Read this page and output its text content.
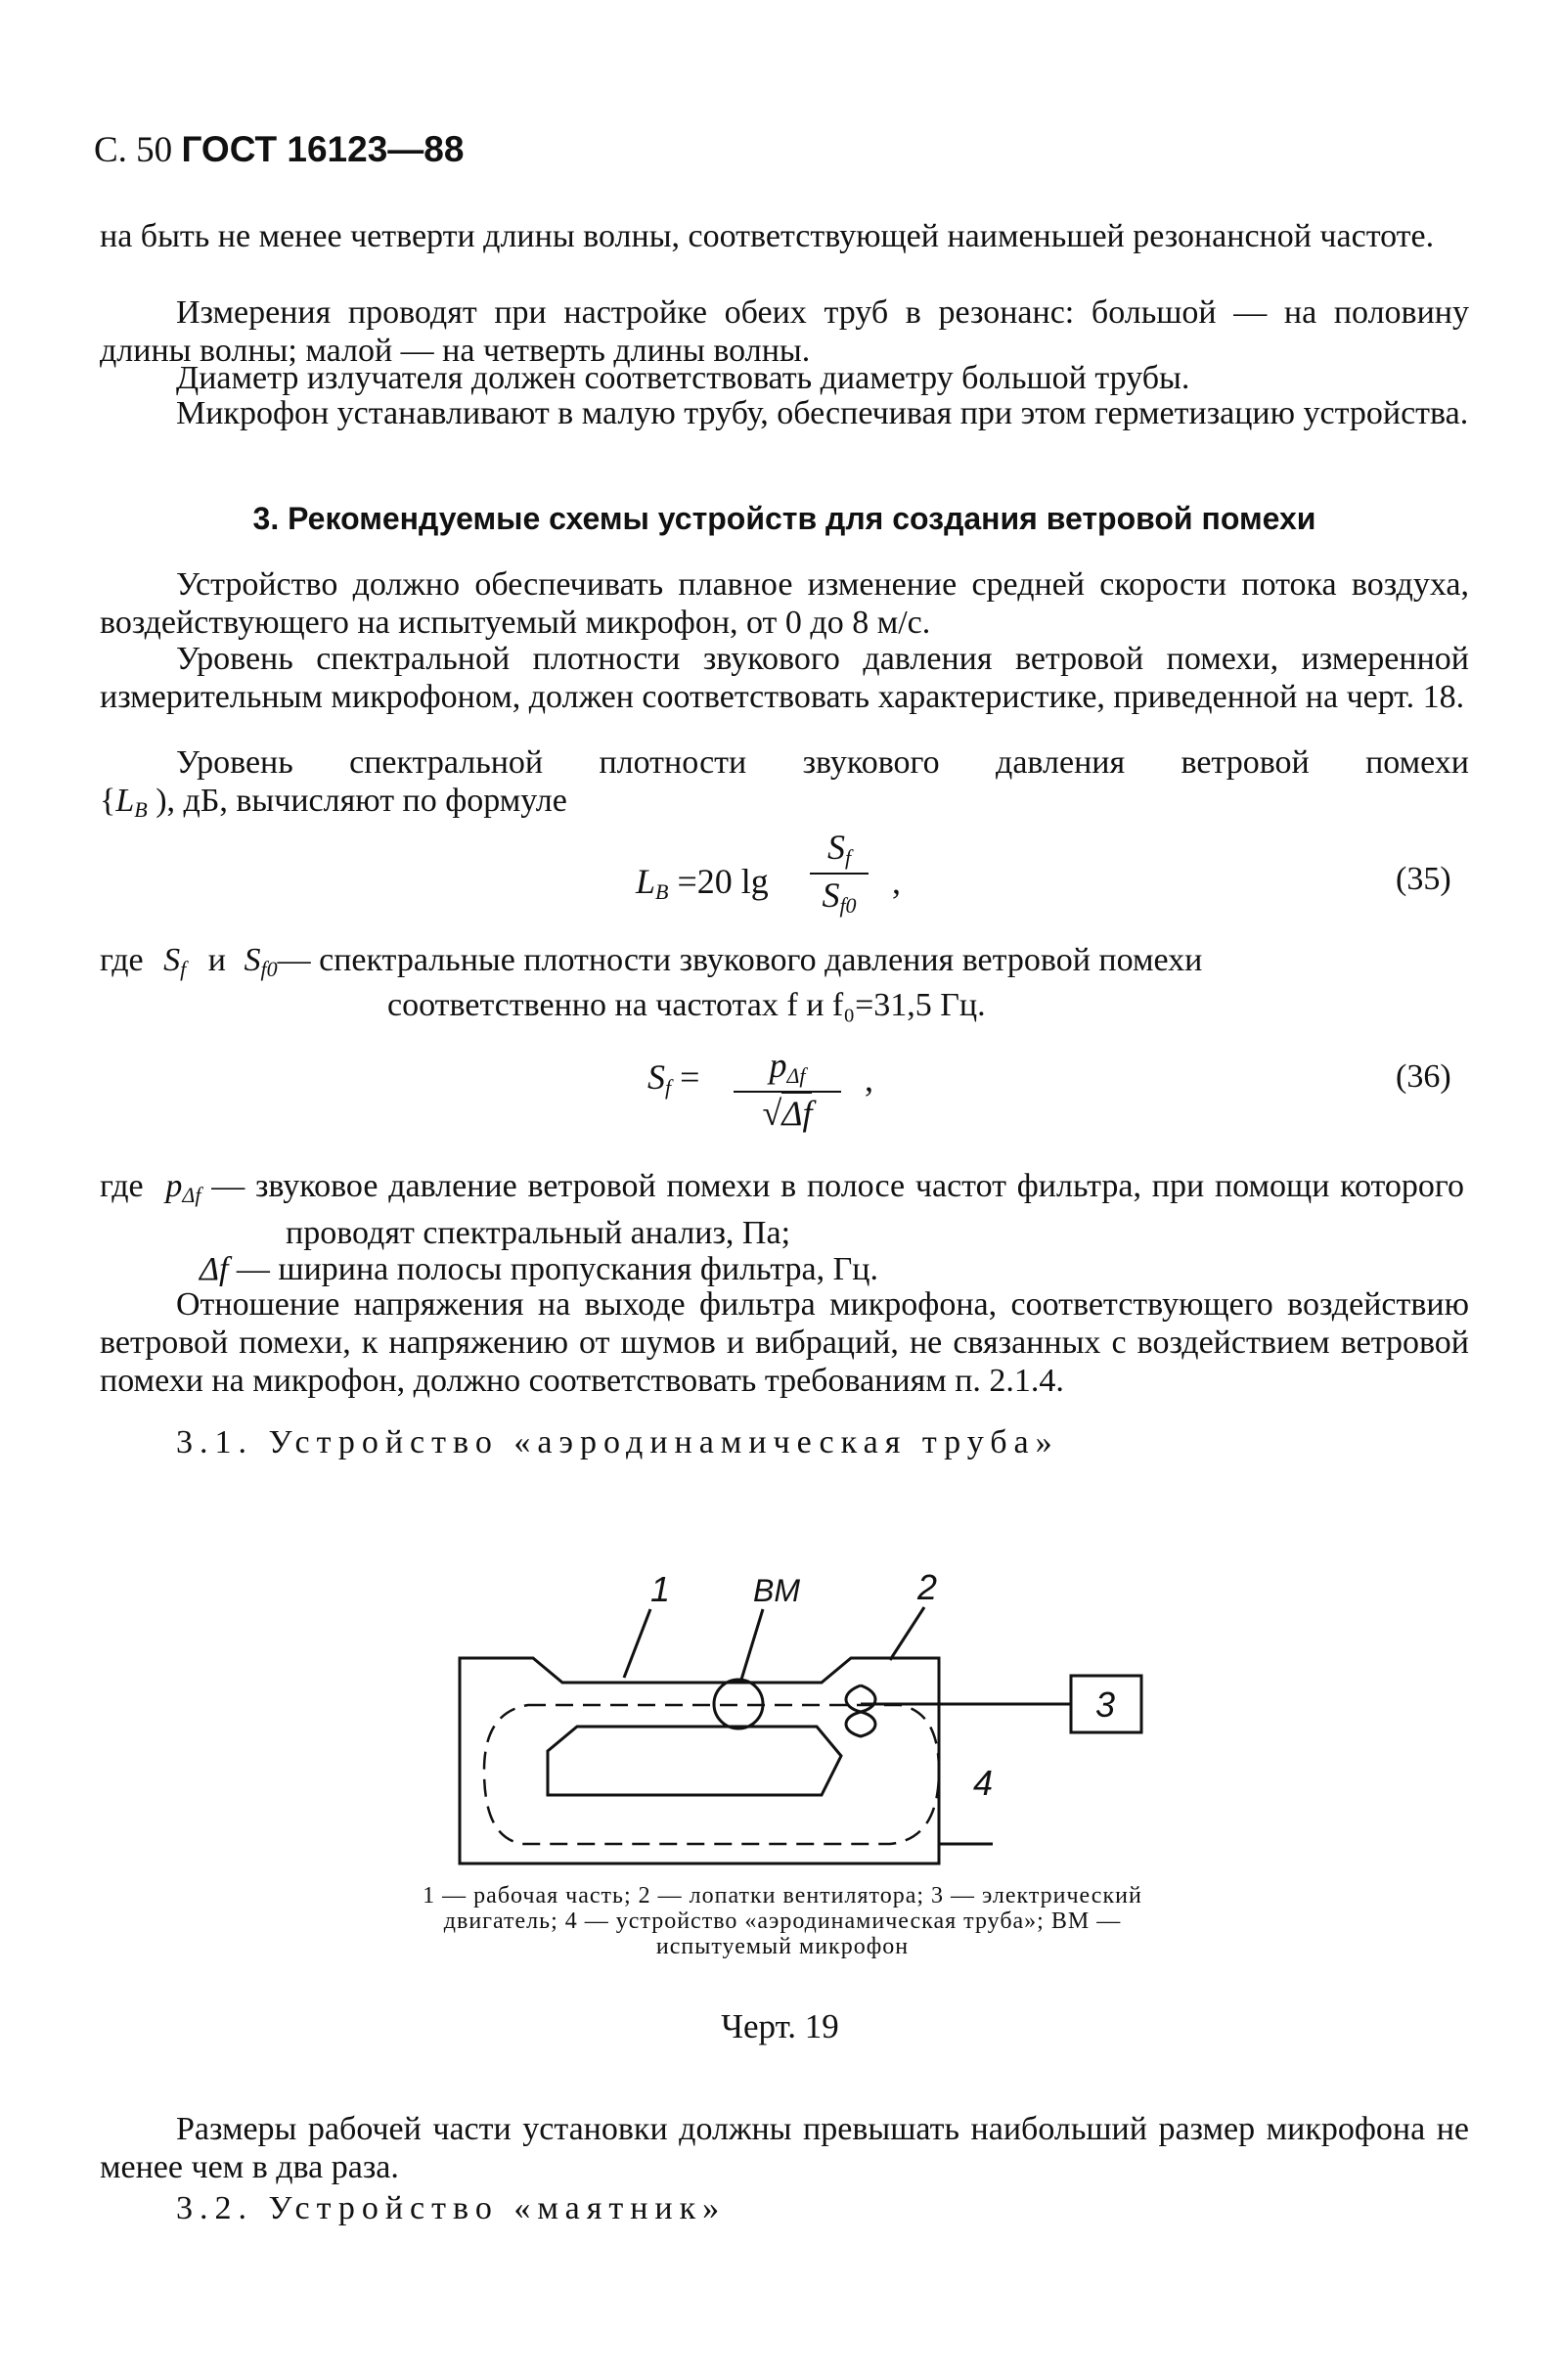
С. 50 ГОСТ 16123—88
на быть не менее четверти длины волны, соответствующей наименьшей резонансной частоте.
Измерения проводят при настройке обеих труб в резонанс: большой — на половину длины волны; малой — на четверть длины волны.
Диаметр излучателя должен соответствовать диаметру большой трубы.
Микрофон устанавливают в малую трубу, обеспечивая при этом герметизацию устройства.
3. Рекомендуемые схемы устройств для создания ветровой помехи
Устройство должно обеспечивать плавное изменение средней скорости потока воздуха, воздействующего на испытуемый микрофон, от 0 до 8 м/с.
Уровень спектральной плотности звукового давления ветровой помехи, измеренной измерительным микрофоном, должен соответствовать характеристике, приведенной на черт. 18.
Уровень спектральной плотности звукового давления ветровой помехи
{$L_B$ ), дБ, вычисляют по формуле
$L_B =20$ $\lg \frac{S_f}{S_{f0}}$ ,	(35)
где $S_f$ и $S_{f0}—$ спектральные плотности звукового давления ветровой помехи
соответственно на частотах f и f₀=31,5 Гц.
$S_f$ =	$p_{\Delta f}$
√Δf
,	(36)
где $p_{\Delta f}$ — звуковое давление ветровой помехи в полосе частот фильтра, при помощи которого проводят спектральный анализ, Па;
Δf — ширина полосы пропускания фильтра, Гц.
Отношение напряжения на выходе фильтра микрофона, соответствующего воздействию ветровой помехи, к напряжению от шумов и вибраций, не связанных с воздействием ветровой помехи на микрофон, должно соответствовать требованиям п. 2.1.4.
3.1. Устройство «аэродинамическая труба»
1	ВМ	2
3
4
1 — рабочая часть; 2 — лопатки вентилятора; 3 — электрический двигатель; 4 — устройство «аэродинамическая труба»; ВМ — испытуемый микрофон
Черт. 19
Размеры рабочей части установки должны превышать наибольший размер микрофона не менее чем в два раза.
3.2. Устройство «маятник»
